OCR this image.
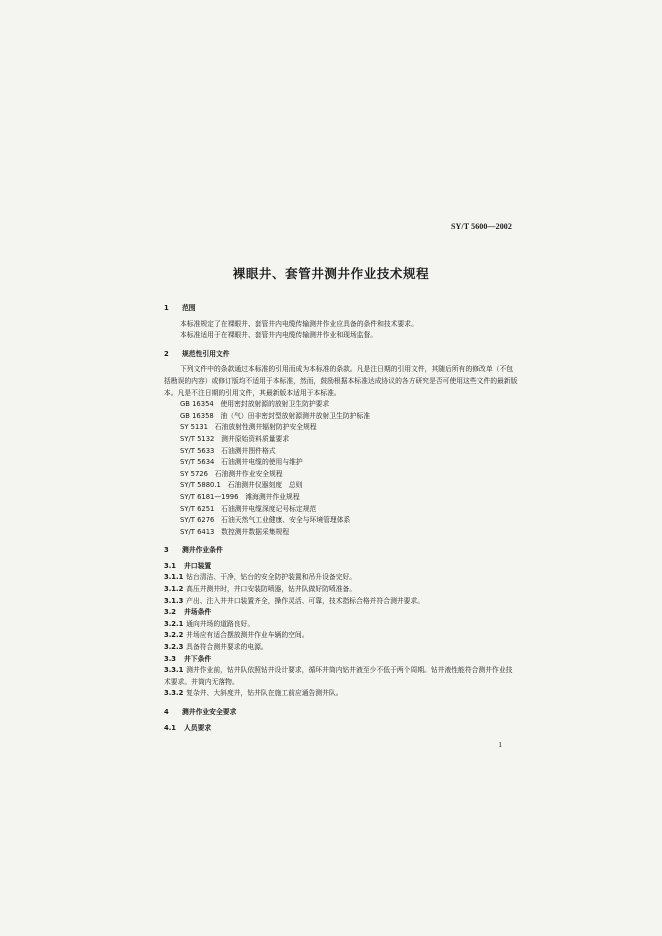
SY/T 5600—2002
裸眼井、套管井测井作业技术规程
1 范围
本标准规定了在裸眼井、套管井内电缆传输测井作业应具备的条件和技术要求。
本标准适用于在裸眼井、套管井内电缆传输测井作业和现场监督。
2 规范性引用文件
下列文件中的条款通过本标准的引用而成为本标准的条款。凡是注日期的引用文件，其随后所有的修改单（不包括勘误的内容）或修订版均不适用于本标准，然而，鼓励根据本标准达成协议的各方研究是否可使用这些文件的最新版本。凡是不注日期的引用文件，其最新版本适用于本标准。
GB 16354　使用密封放射源的放射卫生防护要求
GB 16358　油（气）田非密封型放射源测井放射卫生防护标准
SY 5131　石油放射性测井辐射防护安全规程
SY/T 5132　测井原始资料质量要求
SY/T 5633　石油测井图件格式
SY/T 5634　石油测井电缆的使用与维护
SY 5726　石油测井作业安全规程
SY/T 5880.1　石油测井仪器刻度　总则
SY/T 6181—1996　滩海测井作业规程
SY/T 6251　石油测井电缆深度记号标定规范
SY/T 6276　石油天然气工业健康、安全与环境管理体系
SY/T 6413　数控测井数据采集规程
3 测井作业条件
3.1 井口装置
3.1.1 钻台清洁、干净，钻台的安全防护装置和吊升设备完好。
3.1.2 高压井测井时，井口安装防喷器，钻井队做好防喷准备。
3.1.3 产出、注入井井口装置齐全，操作灵活、可靠，技术指标合格并符合测井要求。
3.2 井场条件
3.2.1 通向井场的道路良好。
3.2.2 井场应有适合摆放测井作业车辆的空间。
3.2.3 具备符合测井要求的电源。
3.3 井下条件
3.3.1 测井作业前，钻井队依照钻井设计要求，循环井筒内钻井液至少不低于两个周期。钻井液性能符合测井作业技术要求。井筒内无落物。
3.3.2 复杂井、大斜度井，钻井队在施工前应通告测井队。
4 测井作业安全要求
4.1 人员要求
1
